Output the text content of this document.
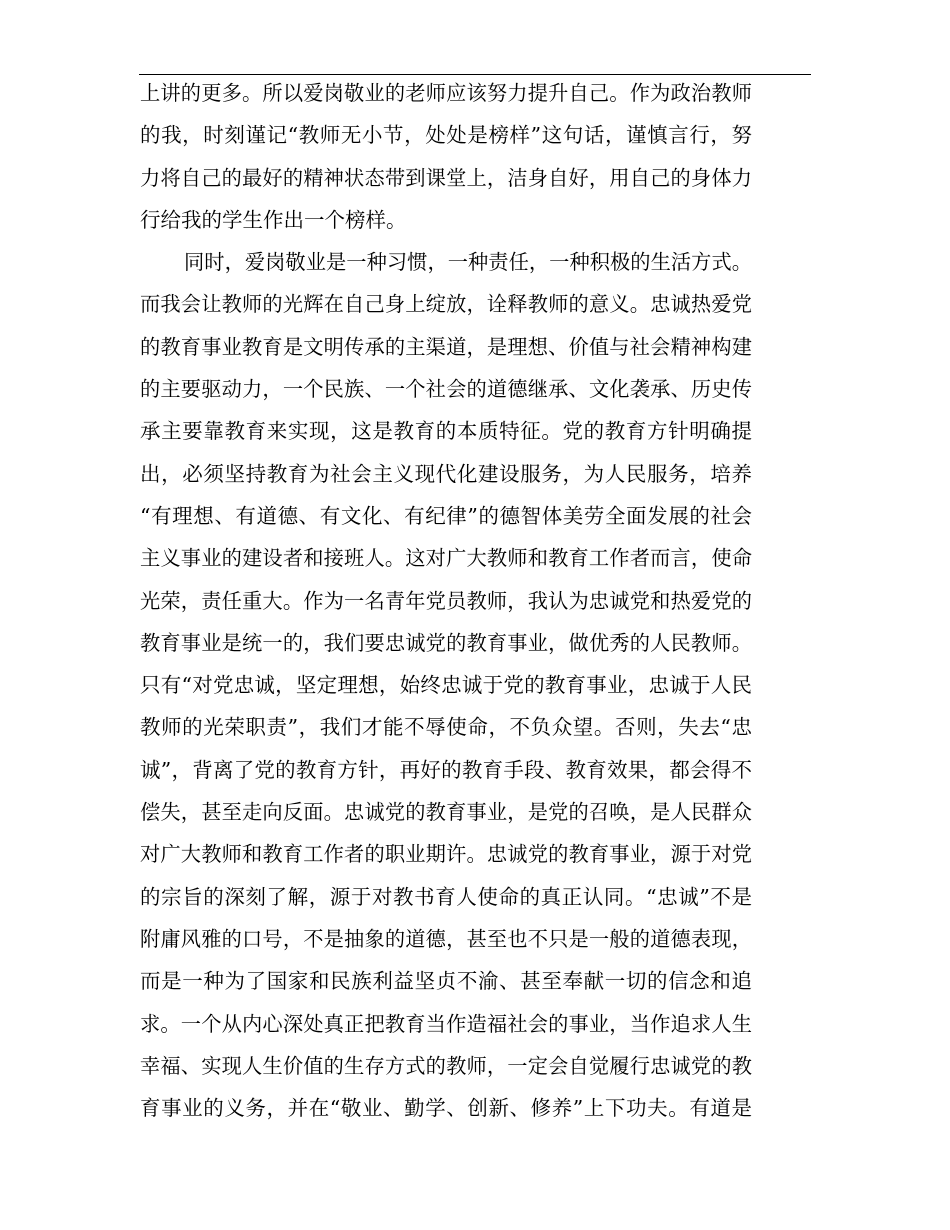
上讲的更多。所以爱岗敬业的老师应该努力提升自己。作为政治教师
的我，时刻谨记“教师无小节，处处是榜样”这句话，谨慎言行，努
力将自己的最好的精神状态带到课堂上，洁身自好，用自己的身体力
行给我的学生作出一个榜样。
同时，爱岗敬业是一种习惯，一种责任，一种积极的生活方式。
而我会让教师的光辉在自己身上绽放，诠释教师的意义。忠诚热爱党
的教育事业教育是文明传承的主渠道，是理想、价值与社会精神构建
的主要驱动力，一个民族、一个社会的道德继承、文化袭承、历史传
承主要靠教育来实现，这是教育的本质特征。党的教育方针明确提
出，必须坚持教育为社会主义现代化建设服务，为人民服务，培养
“有理想、有道德、有文化、有纪律”的德智体美劳全面发展的社会
主义事业的建设者和接班人。这对广大教师和教育工作者而言，使命
光荣，责任重大。作为一名青年党员教师，我认为忠诚党和热爱党的
教育事业是统一的，我们要忠诚党的教育事业，做优秀的人民教师。
只有“对党忠诚，坚定理想，始终忠诚于党的教育事业，忠诚于人民
教师的光荣职责”，我们才能不辱使命，不负众望。否则，失去“忠
诚”，背离了党的教育方针，再好的教育手段、教育效果，都会得不
偿失，甚至走向反面。忠诚党的教育事业，是党的召唤，是人民群众
对广大教师和教育工作者的职业期许。忠诚党的教育事业，源于对党
的宗旨的深刻了解，源于对教书育人使命的真正认同。“忠诚”不是
附庸风雅的口号，不是抽象的道德，甚至也不只是一般的道德表现，
而是一种为了国家和民族利益坚贞不渝、甚至奉献一切的信念和追
求。一个从内心深处真正把教育当作造福社会的事业，当作追求人生
幸福、实现人生价值的生存方式的教师，一定会自觉履行忠诚党的教
育事业的义务，并在“敬业、勤学、创新、修养”上下功夫。有道是
